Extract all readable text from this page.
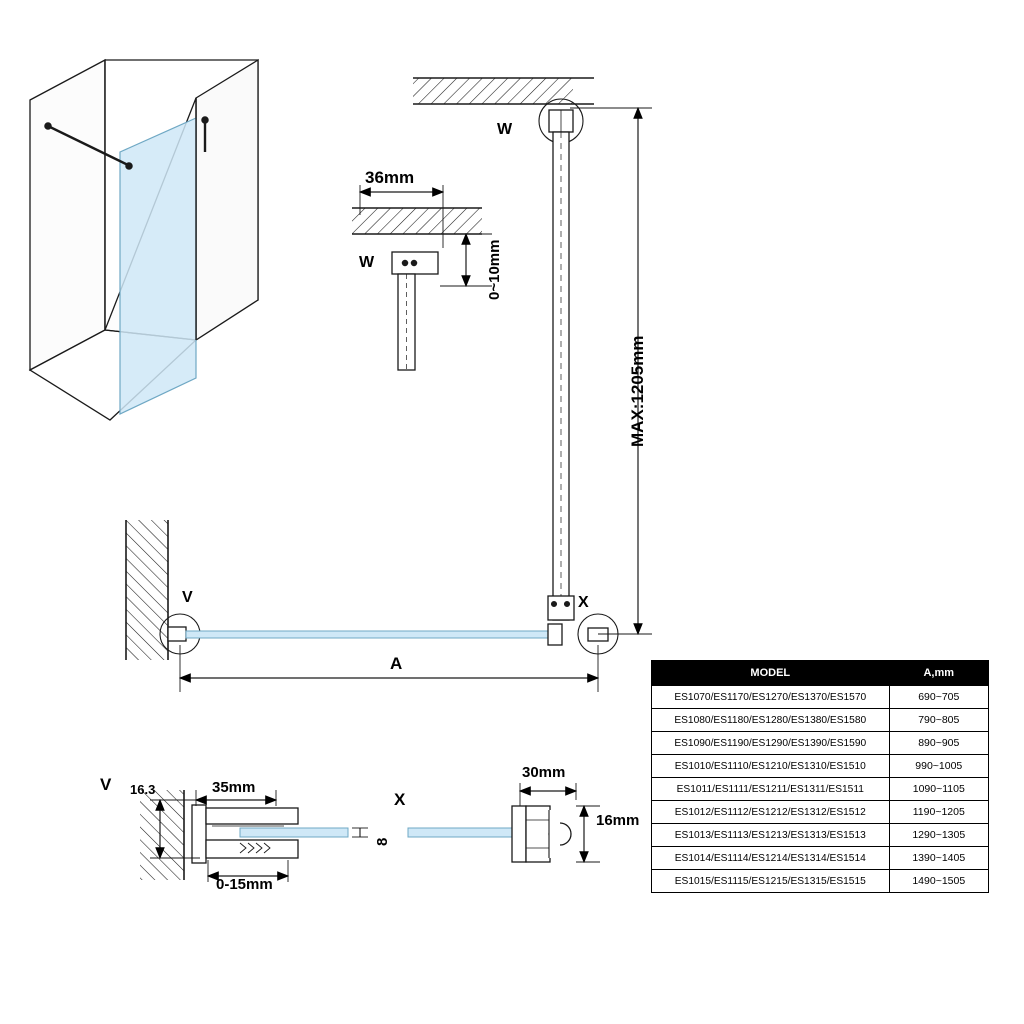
W
W
36mm
0~10mm
MAX:1205mm
V	X
A
V 16.3	35mm
0-15mm
8
X
30mm
16mm
MODEL	A,mm
ES1070/ES1170/ES1270/ES1370/ES1570	690~705
ES1080/ES1180/ES1280/ES1380/ES1580	790~805
ES1090/ES1190/ES1290/ES1390/ES1590	890~905
ES1010/ES1110/ES1210/ES1310/ES1510	990~1005
ES1011/ES1111/ES1211/ES1311/ES1511	1090~1105
ES1012/ES1112/ES1212/ES1312/ES1512	1190~1205
ES1013/ES1113/ES1213/ES1313/ES1513	1290~1305
ES1014/ES1114/ES1214/ES1314/ES1514	1390~1405
ES1015/ES1115/ES1215/ES1315/ES1515	1490~1505
